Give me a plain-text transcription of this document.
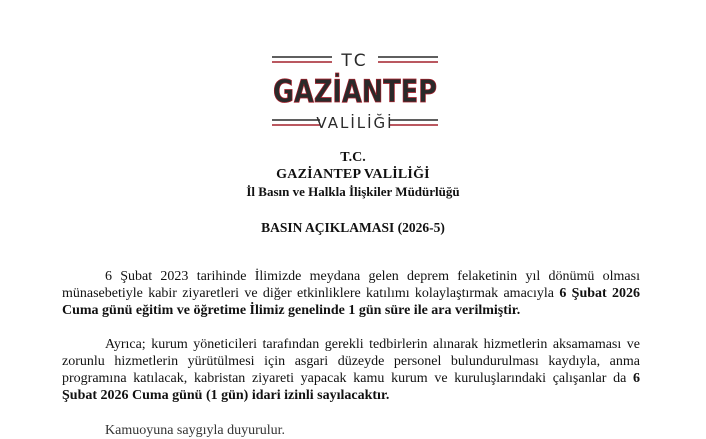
TC
GAZİANTEP
VALİLİĞİ
T.C.
GAZİANTEP VALİLİĞİ
İl Basın ve Halkla İlişkiler Müdürlüğü
BASIN AÇIKLAMASI (2026-5)
6 Şubat 2023 tarihinde İlimizde meydana gelen deprem felaketinin yıl dönümü olması münasebetiyle kabir ziyaretleri ve diğer etkinliklere katılımı kolaylaştırmak amacıyla 6 Şubat 2026 Cuma günü eğitim ve öğretime İlimiz genelinde 1 gün süre ile ara verilmiştir.
Ayrıca; kurum yöneticileri tarafından gerekli tedbirlerin alınarak hizmetlerin aksamaması ve zorunlu hizmetlerin yürütülmesi için asgari düzeyde personel bulundurulması kaydıyla, anma programına katılacak, kabristan ziyareti yapacak kamu kurum ve kuruluşlarındaki çalışanlar da 6 Şubat 2026 Cuma günü (1 gün) idari izinli sayılacaktır.
Kamuoyuna saygıyla duyurulur.
